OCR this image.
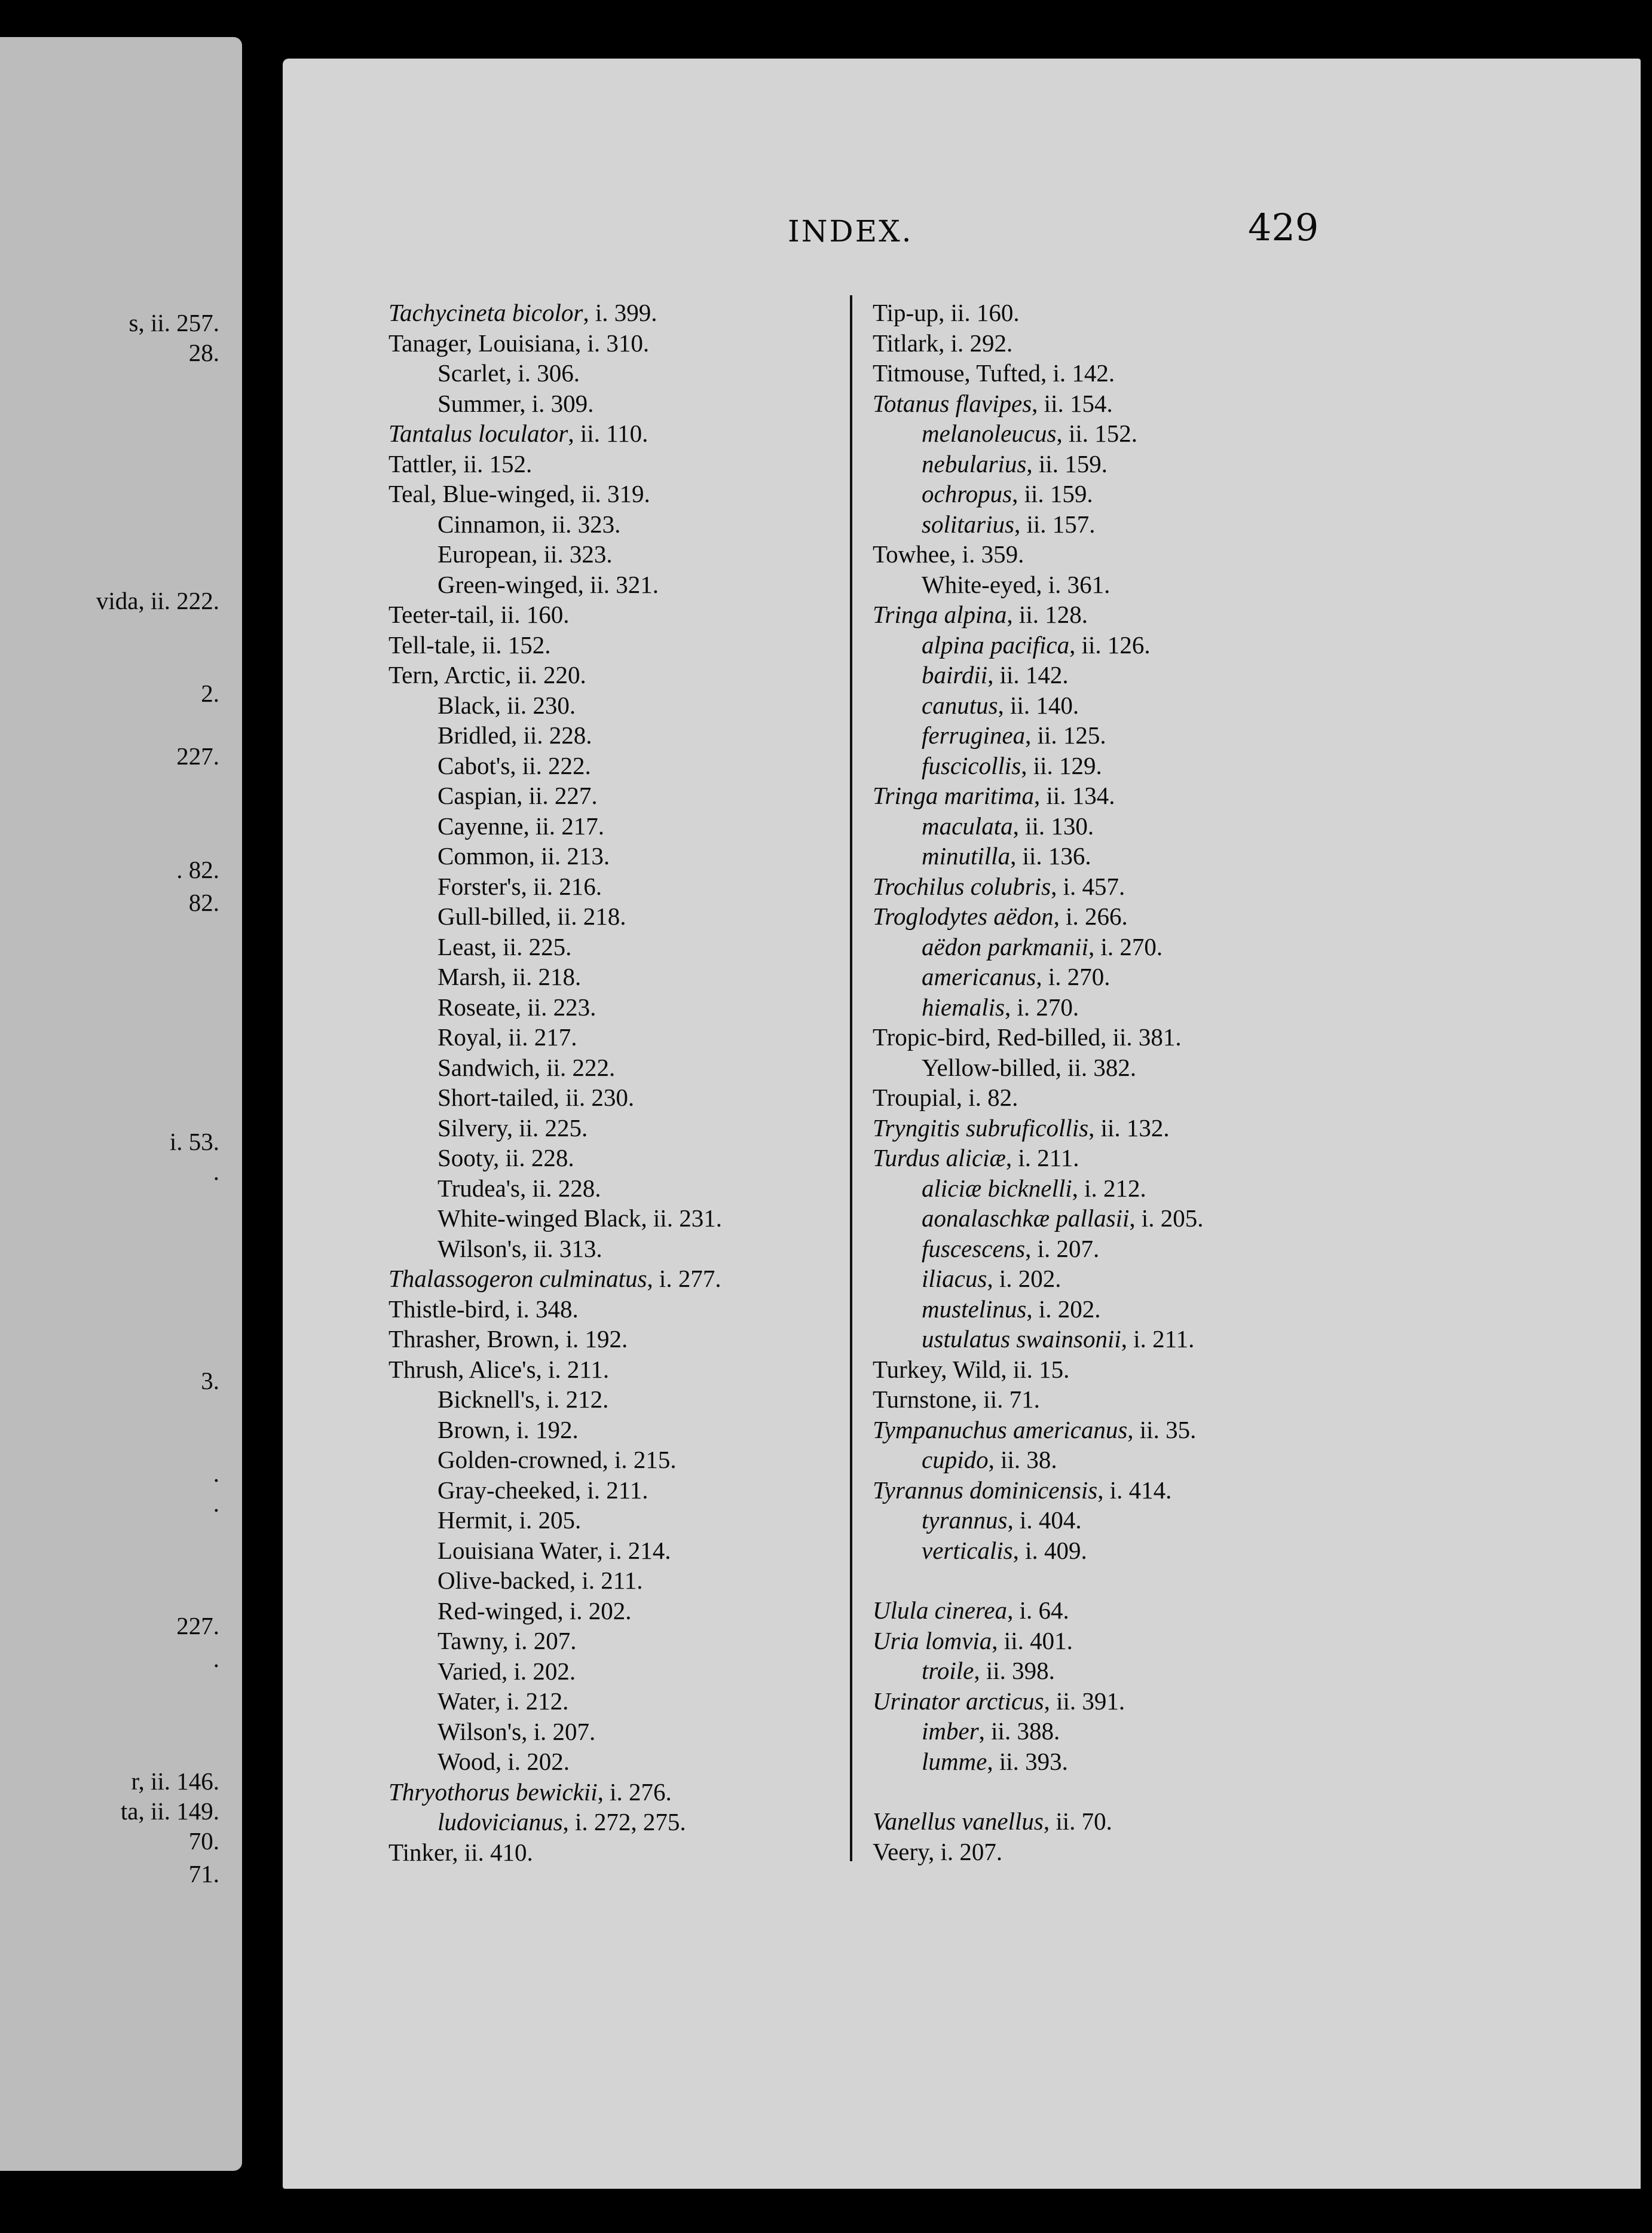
s, ii. 257.
28.
vida, ii. 222.
2.
227.
. 82.
82.
i. 53.
.
3.
.
.
227.
.
r, ii. 146.
ta, ii. 149.
70.
71.
INDEX.	429
Tachycineta bicolor, i. 399.
Tanager, Louisiana, i. 310.
Scarlet, i. 306.
Summer, i. 309.
Tantalus loculator, ii. 110.
Tattler, ii. 152.
Teal, Blue-winged, ii. 319.
Cinnamon, ii. 323.
European, ii. 323.
Green-winged, ii. 321.
Teeter-tail, ii. 160.
Tell-tale, ii. 152.
Tern, Arctic, ii. 220.
Black, ii. 230.
Bridled, ii. 228.
Cabot's, ii. 222.
Caspian, ii. 227.
Cayenne, ii. 217.
Common, ii. 213.
Forster's, ii. 216.
Gull-billed, ii. 218.
Least, ii. 225.
Marsh, ii. 218.
Roseate, ii. 223.
Royal, ii. 217.
Sandwich, ii. 222.
Short-tailed, ii. 230.
Silvery, ii. 225.
Sooty, ii. 228.
Trudea's, ii. 228.
White-winged Black, ii. 231.
Wilson's, ii. 313.
Thalassogeron culminatus, i. 277.
Thistle-bird, i. 348.
Thrasher, Brown, i. 192.
Thrush, Alice's, i. 211.
Bicknell's, i. 212.
Brown, i. 192.
Golden-crowned, i. 215.
Gray-cheeked, i. 211.
Hermit, i. 205.
Louisiana Water, i. 214.
Olive-backed, i. 211.
Red-winged, i. 202.
Tawny, i. 207.
Varied, i. 202.
Water, i. 212.
Wilson's, i. 207.
Wood, i. 202.
Thryothorus bewickii, i. 276.
ludovicianus, i. 272, 275.
Tinker, ii. 410.
Tip-up, ii. 160.
Titlark, i. 292.
Titmouse, Tufted, i. 142.
Totanus flavipes, ii. 154.
melanoleucus, ii. 152.
nebularius, ii. 159.
ochropus, ii. 159.
solitarius, ii. 157.
Towhee, i. 359.
White-eyed, i. 361.
Tringa alpina, ii. 128.
alpina pacifica, ii. 126.
bairdii, ii. 142.
canutus, ii. 140.
ferruginea, ii. 125.
fuscicollis, ii. 129.
Tringa maritima, ii. 134.
maculata, ii. 130.
minutilla, ii. 136.
Trochilus colubris, i. 457.
Troglodytes aëdon, i. 266.
aëdon parkmanii, i. 270.
americanus, i. 270.
hiemalis, i. 270.
Tropic-bird, Red-billed, ii. 381.
Yellow-billed, ii. 382.
Troupial, i. 82.
Tryngitis subruficollis, ii. 132.
Turdus aliciæ, i. 211.
aliciæ bicknelli, i. 212.
aonalaschkæ pallasii, i. 205.
fuscescens, i. 207.
iliacus, i. 202.
mustelinus, i. 202.
ustulatus swainsonii, i. 211.
Turkey, Wild, ii. 15.
Turnstone, ii. 71.
Tympanuchus americanus, ii. 35.
cupido, ii. 38.
Tyrannus dominicensis, i. 414.
tyrannus, i. 404.
verticalis, i. 409.
Ulula cinerea, i. 64.
Uria lomvia, ii. 401.
troile, ii. 398.
Urinator arcticus, ii. 391.
imber, ii. 388.
lumme, ii. 393.
Vanellus vanellus, ii. 70.
Veery, i. 207.
